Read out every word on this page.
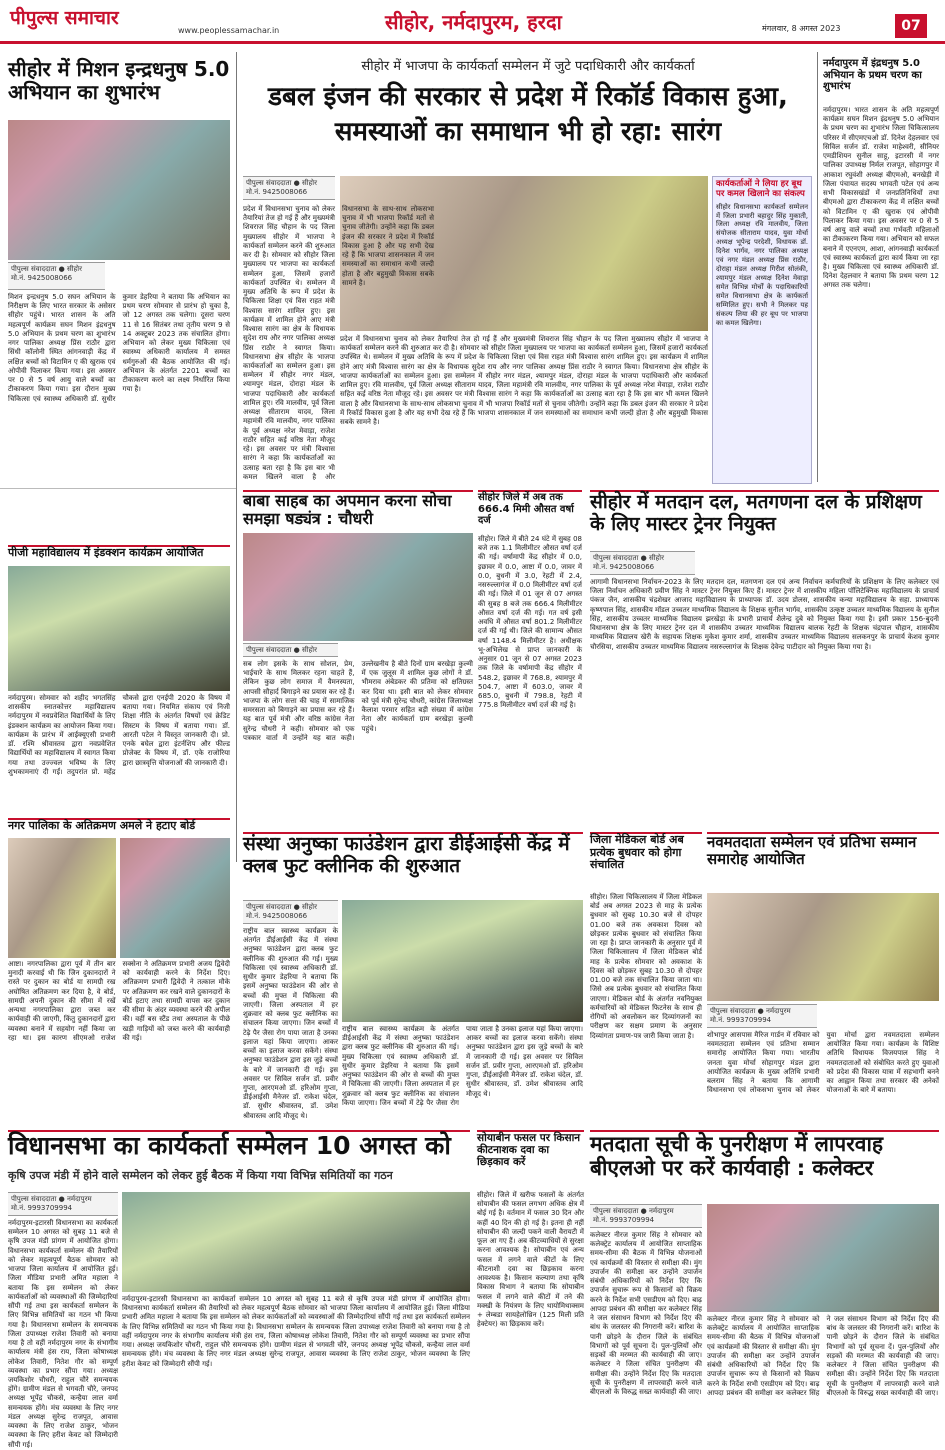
पीपुल्स समाचार
www.peoplessamachar.in	सीहोर, नर्मदापुरम, हरदा	मंगलवार, 8 अगस्त 2023	07
सीहोर में मिशन इन्द्रधनुष 5.0 अभियान का शुभारंभ
पीपुल्स संवाददाता ● सीहोर
मो.नं. 9425008066
मिशन इन्द्रधनुष 5.0 सघन अभियान के निरीक्षण के लिए भारत सरकार के असेसर सीहोर पहुंचे। भारत शासन के अति महत्वपूर्ण कार्यक्रम सघन मिशन इंद्रधनुष 5.0 अभियान के प्रथम चरण का शुभारंभ नगर पालिका अध्यक्ष प्रिंस राठौर द्वारा सिंधी कॉलोनी स्थित आंगनवाड़ी केंद्र में लक्षित बच्चों को विटामिन ए की खुराक एवं ओपीवी पिलाकर किया गया। इस अवसर पर 0 से 5 वर्ष आयु वाले बच्चों का टीकाकरण किया गया। इस दौरान मुख्य चिकित्सा एवं स्वास्थ्य अधिकारी डॉ. सुधीर कुमार डेहरिया ने बताया कि अभियान का प्रथम चरण सोमवार से प्रारंभ हो चुका है, जो 12 अगस्त तक चलेगा। दूसरा चरण 11 से 16 सितंबर तथा तृतीय चरण 9 से 14 अक्टूबर 2023 तक संचालित होगा। अभियान को लेकर मुख्य चिकित्सा एवं स्वास्थ्य अधिकारी कार्यालय में समस्त धर्मगुरुओं की बैठक आयोजित की गई। अभियान के अंतर्गत 2201 बच्चों का टीकाकरण करने का लक्ष्य निर्धारित किया गया है।
पीजी महाविद्यालय में इंडक्शन कार्यक्रम आयोजित
नर्मदापुरम। सोमवार को शहीद भगतसिंह शासकीय स्नातकोत्तर महाविद्यालय नर्मदापुरम में नवप्रवेशित विद्यार्थियों के लिए इंडक्शन कार्यक्रम का आयोजन किया गया। कार्यक्रम के प्रारंभ में आईक्यूएसी प्रभारी डॉ. रश्मि श्रीवास्तव द्वारा नवप्रवेशित विद्यार्थियों का महाविद्यालय में स्वागत किया गया तथा उज्ज्वल भविष्य के लिए शुभकामनाएं दी गईं। तदुपरांत प्रो. महेंद्र चौकसे द्वारा एनईपी 2020 के विषय में बताया गया। नियमित संकाय एवं निजी शिक्षा नीति के अंतर्गत विषयों एवं क्रेडिट सिस्टम के विषय में बताया गया। डॉ. आरती पटेल ने विस्तृत जानकारी दी। प्रो. एनके बघेल द्वारा इंटर्नशिप और फील्ड प्रोजेक्ट के विषय में, डॉ. एके राजोरिया द्वारा छात्रवृत्ति योजनाओं की जानकारी दी।
नगर पालिका के अतिक्रमण अमले ने हटाए बोर्ड
आष्टा। नगरपालिका द्वारा पूर्व में तीन बार मुनादी करवाई थी कि जिन दुकानदारों ने रास्ते पर दुकान का बोर्ड या सामग्री रख अघोषित अतिक्रमण कर दिया है, वे बोर्ड, सामग्री अपनी दुकान की सीमा में रखें अन्यथा नगरपालिका द्वारा जब्त कर कार्यवाही की जाएगी, किंतु दुकानदारों द्वारा व्यवस्था बनाने में सहयोग नहीं किया जा रहा था। इस कारण सीएमओ राजेश सक्सेना ने अतिक्रमण प्रभारी अजय द्विवेदी को कार्यवाही करने के निर्देश दिए। अतिक्रमण प्रभारी द्विवेदी ने तत्काल मौके पर अतिक्रमण कर रखने वाले दुकानदारों के बोर्ड हटाए तथा सामग्री वापस कर दुकान की सीमा के अंदर व्यवस्था करने की अपील की। वहीं बस स्टैंड तथा अस्पताल के पीछे खड़ी गाड़ियों को जब्त करने की कार्यवाही की गई।
सीहोर में भाजपा के कार्यकर्ता सम्मेलन में जुटे पदाधिकारी और कार्यकर्ता
डबल इंजन की सरकार से प्रदेश में रिकॉर्ड विकास हुआ, समस्याओं का समाधान भी हो रहा: सारंग
पीपुल्स संवाददाता ● सीहोर
मो.नं. 9425008066
प्रदेश में विधानसभा चुनाव को लेकर तैयारियां तेज हो गई हैं और मुख्यमंत्री शिवराज सिंह चौहान के पद जिला मुख्यालय सीहोर में भाजपा ने कार्यकर्ता सम्मेलन करने की शुरुआत कर दी है। सोमवार को सीहोर जिला मुख्यालय पर भाजपा का कार्यकर्ता सम्मेलन हुआ, जिसमें हजारों कार्यकर्ता उपस्थित थे। सम्मेलन में मुख्य अतिथि के रूप में प्रदेश के चिकित्सा शिक्षा एवं विस राहत मंत्री विश्वास सारंग शामिल हुए। इस कार्यक्रम में शामिल होने आए मंत्री विश्वास सारंग का क्षेत्र के विधायक सुदेश राय और नगर पालिका अध्यक्ष प्रिंस राठौर ने स्वागत किया। विधानसभा क्षेत्र सीहोर के भाजपा कार्यकर्ताओं का सम्मेलन हुआ। इस सम्मेलन में सीहोर नगर मंडल, श्यामपुर मंडल, दोराहा मंडल के भाजपा पदाधिकारी और कार्यकर्ता शामिल हुए। रवि मालवीय, पूर्व जिला अध्यक्ष सीताराम यादव, जिला महामंत्री रवि मालवीय, नगर पालिका के पूर्व अध्यक्ष नरेश मेवाड़ा, राजेश राठौर सहित कई वरिष्ठ नेता मौजूद रहे। इस अवसर पर मंत्री विश्वास सारंग ने कहा कि कार्यकर्ताओं का उत्साह बता रहा है कि इस बार भी कमल खिलने वाला है और
प्रदेश में विधानसभा चुनाव को लेकर तैयारियां तेज हो गई हैं और मुख्यमंत्री शिवराज सिंह चौहान के पद जिला मुख्यालय सीहोर में भाजपा ने कार्यकर्ता सम्मेलन करने की शुरुआत कर दी है। सोमवार को सीहोर जिला मुख्यालय पर भाजपा का कार्यकर्ता सम्मेलन हुआ, जिसमें हजारों कार्यकर्ता उपस्थित थे। सम्मेलन में मुख्य अतिथि के रूप में प्रदेश के चिकित्सा शिक्षा एवं विस राहत मंत्री विश्वास सारंग शामिल हुए। इस कार्यक्रम में शामिल होने आए मंत्री विश्वास सारंग का क्षेत्र के विधायक सुदेश राय और नगर पालिका अध्यक्ष प्रिंस राठौर ने स्वागत किया। विधानसभा क्षेत्र सीहोर के भाजपा कार्यकर्ताओं का सम्मेलन हुआ। इस सम्मेलन में सीहोर नगर मंडल, श्यामपुर मंडल, दोराहा मंडल के भाजपा पदाधिकारी और कार्यकर्ता शामिल हुए। रवि मालवीय, पूर्व जिला अध्यक्ष सीताराम यादव, जिला महामंत्री रवि मालवीय, नगर पालिका के पूर्व अध्यक्ष नरेश मेवाड़ा, राजेश राठौर सहित कई वरिष्ठ नेता मौजूद रहे। इस अवसर पर मंत्री विश्वास सारंग ने कहा कि कार्यकर्ताओं का उत्साह बता रहा है कि इस बार भी कमल खिलने वाला है और विधानसभा के साथ-साथ लोकसभा चुनाव में भी भाजपा रिकॉर्ड मतों से चुनाव जीतेगी। उन्होंने कहा कि डबल इंजन की सरकार ने प्रदेश में रिकॉर्ड विकास हुआ है और यह सभी देख रहे हैं कि भाजपा शासनकाल में जन समस्याओं का समाधान कभी जल्दी होता है और बहुमुखी विकास सबके सामने है।
कार्यकर्ताओं ने लिया हर बूथ पर कमल खिलाने का संकल्प
सीहोर विधानसभा कार्यकर्ता सम्मेलन में जिला प्रभारी बहादुर सिंह मुकाती, जिला अध्यक्ष रवि मालवीय, जिला संयोजक सीताराम यादव, युवा मोर्चा अध्यक्ष भूपेन्द्र परदेशी, विधायक डॉ. दिनेश भार्गव, नगर पालिका अध्यक्ष एवं नगर मंडल अध्यक्ष प्रिंस राठौर, दोराहा मंडल अध्यक्ष गिरीश सोलंकी, श्यामपुर मंडल अध्यक्ष दिनेश मेवाड़ा समेत विभिन्न मोर्चों के पदाधिकारियों समेत विधानसभा क्षेत्र के कार्यकर्ता सम्मिलित हुए। सभी ने मिलकर यह संकल्प लिया की हर बूथ पर भाजपा का कमल खिलेगा।
नर्मदापुरम में इंद्रधनुष 5.0 अभियान के प्रथम चरण का शुभारंभ
नर्मदापुरम। भारत शासन के अति महत्वपूर्ण कार्यक्रम सघन मिशन इंद्रधनुष 5.0 अभियान के प्रथम चरण का शुभारंभ जिला चिकित्सालय परिसर में सीएमएचओ डॉ. दिनेश देहलवार एवं सिविल सर्जन डॉ. राजेश माहेश्वरी, सीनियर एमडीशियन सुनील साहू, इटारसी में नगर पालिका उपाध्यक्ष निर्मल राजपूत, सोहागपुर में आकाश रघुवंशी अध्यक्ष बीएमओ, बनखेड़ी में जिला पंचायत सदस्य भगवती पटेल एवं अन्य सभी विकासखंडों में जनप्रतिनिधियों तथा बीएमओ द्वारा टीकाकरण केंद्र में लक्षित बच्चों को विटामिन ए की खुराक एवं ओपीवी पिलाकर किया गया। इस अवसर पर 0 से 5 वर्ष आयु वाले बच्चों तथा गर्भवती महिलाओं का टीकाकरण किया गया। अभियान को सफल बनाने में एएनएम, आशा, आंगनवाड़ी कार्यकर्ता एवं स्वास्थ्य कार्यकर्ता द्वारा कार्य किया जा रहा है। मुख्य चिकित्सा एवं स्वास्थ्य अधिकारी डॉ. दिनेश देहलवार ने बताया कि प्रथम चरण 12 अगस्त तक चलेगा।
बाबा साहब का अपमान करना सोचा समझा षड्यंत्र : चौधरी
पीपुल्स संवाददाता ● सीहोर
सब लोग इसके के साथ सोशल, प्रेम, भाईचारे के साथ मिलकर रहना चाहते हैं, लेकिन कुछ लोग समाज में वैमनस्यता, आपसी सौहार्द बिगाड़ने का प्रयास कर रहे हैं। भाजपा के लोग सत्ता की चाह में सामाजिक समरसता को बिगाड़ने का प्रयास कर रहे हैं। यह बात पूर्व मंत्री और वरिष्ठ कांग्रेस नेता सुरेन्द्र चौधरी ने कही। सोमवार को एक पत्रकार वार्ता में उन्होंने यह बात कही। उल्लेखनीय है बीते दिनों ग्राम बरखेड़ा कुल्मी में एक जुलूस में शामिल कुछ लोगों ने डॉ. भीमराव अंबेडकर की प्रतिमा को क्षतिग्रस्त कर दिया था। इसी बात को लेकर सोमवार को पूर्व मंत्री सुरेन्द्र चौधरी, कांग्रेस जिलाध्यक्ष कैलाश परमार सहित बड़ी संख्या में कांग्रेस नेता और कार्यकर्ता ग्राम बरखेड़ा कुल्मी पहुंचे।
सीहोर जिले में अब तक 666.4 मिमी औसत वर्षा दर्ज
सीहोर। जिले में बीते 24 घंटे में सुबह 08 बजे तक 1.1 मिलीमीटर औसत वर्षा दर्ज की गई। वर्षामापी केंद्र सीहोर में 0.0, इछावर में 0.0, आष्टा में 0.0, जावर में 0.0, बुधनी में 3.0, रेहटी में 2.4, नसरुल्लागंज में 0.0 मिलीमीटर वर्षा दर्ज की गई। जिले में 01 जून से 07 अगस्त की सुबह 8 बजे तक 666.4 मिलीमीटर औसत वर्षा दर्ज की गई। गत वर्ष इसी अवधि में औसत वर्षा 801.2 मिलीमीटर दर्ज की गई थी। जिले की सामान्य औसत वर्षा 1148.4 मिलीमीटर है। अधीक्षक भू-अभिलेख से प्राप्त जानकारी के अनुसार 01 जून से 07 अगस्त 2023 तक जिले के वर्षामापी केंद्र सीहोर में 548.2, इछावर में 768.8, श्यामपुर में 504.7, आष्टा में 603.0, जावर में 685.0, बुधनी में 798.8, रेहटी में 775.8 मिलीमीटर वर्षा दर्ज की गई है।
सीहोर में मतदान दल, मतगणना दल के प्रशिक्षण के लिए मास्टर ट्रेनर नियुक्त
पीपुल्स संवाददाता ● सीहोर
मो.नं. 9425008066
आगामी विधानसभा निर्वाचन-2023 के लिए मतदान दल, मतगणना दल एवं अन्य निर्वाचन कर्मचारियों के प्रशिक्षण के लिए कलेक्टर एवं जिला निर्वाचन अधिकारी प्रवीण सिंह ने मास्टर ट्रेनर नियुक्त किए हैं। मास्टर ट्रेनर में शासकीय महिला पॉलिटेक्निक महाविद्यालय के प्राचार्य पंकज जैन, शासकीय चंद्रशेखर आजाद महाविद्यालय के प्राध्यापक डॉ. उदय डोलस, शासकीय कन्या महाविद्यालय के सहा. प्राध्यापक कृष्णपाल सिंह, शासकीय मॉडल उच्चतर माध्यमिक विद्यालय के शिक्षक सुनील भार्गव, शासकीय उत्कृष्ट उच्चतर माध्यमिक विद्यालय के सुनील सिंह, शासकीय उच्चतर माध्यमिक विद्यालय झरखेड़ा के प्रभारी प्राचार्य शैलेन्द्र दुबे को नियुक्त किया गया है। इसी प्रकार 156-बुदनी विधानसभा क्षेत्र के लिए मास्टर ट्रेनर दल में शासकीय उच्चतर माध्यमिक विद्यालय बालक रेहटी के शिक्षक चंद्रपाल चौहान, शासकीय माध्यमिक विद्यालय खेरी के सहायक शिक्षक मुकेश कुमार शर्मा, शासकीय उच्चतर माध्यमिक विद्यालय सलकनपुर के प्राचार्य केशव कुमार चौरसिया, शासकीय उच्चतर माध्यमिक विद्यालय नसरुल्लागंज के शिक्षक देवेन्द्र पाटीदार को नियुक्त किया गया है।
संस्था अनुष्का फाउंडेशन द्वारा डीईआईसी केंद्र में क्लब फुट क्लीनिक की शुरुआत
पीपुल्स संवाददाता ● सीहोर
मो.नं. 9425008066
राष्ट्रीय बाल स्वास्थ्य कार्यक्रम के अंतर्गत डीईआईसी केंद्र में संस्था अनुष्का फाउंडेशन द्वारा क्लब फुट क्लीनिक की शुरुआत की गई। मुख्य चिकित्सा एवं स्वास्थ्य अधिकारी डॉ. सुधीर कुमार डेहरिया ने बताया कि इसमें अनुष्का फाउंडेशन की ओर से बच्चों की मुफ्त में चिकित्सा की जाएगी। जिला अस्पताल में हर शुक्रवार को क्लब फुट क्लीनिक का संचालन किया जाएगा। जिन बच्चों में टेढ़े पैर जैसा रोग पाया जाता है उनका इलाज यहां किया जाएगा। आकर बच्चों का इलाज करवा सकेंगे। संस्था अनुष्का फाउंडेशन द्वारा इस जुड़े बच्चों के बारे में जानकारी दी गई। इस अवसर पर सिविल सर्जन डॉ. प्रवीर गुप्ता, आरएमओ डॉ. हरिओम गुप्ता, डीईआईसी मैनेजर डॉ. राकेश चंदेल, डॉ. सुधीर श्रीवास्तव, डॉ. उमेश श्रीवास्तव आदि मौजूद थे।
राष्ट्रीय बाल स्वास्थ्य कार्यक्रम के अंतर्गत डीईआईसी केंद्र में संस्था अनुष्का फाउंडेशन द्वारा क्लब फुट क्लीनिक की शुरुआत की गई। मुख्य चिकित्सा एवं स्वास्थ्य अधिकारी डॉ. सुधीर कुमार डेहरिया ने बताया कि इसमें अनुष्का फाउंडेशन की ओर से बच्चों की मुफ्त में चिकित्सा की जाएगी। जिला अस्पताल में हर शुक्रवार को क्लब फुट क्लीनिक का संचालन किया जाएगा। जिन बच्चों में टेढ़े पैर जैसा रोग पाया जाता है उनका इलाज यहां किया जाएगा। आकर बच्चों का इलाज करवा सकेंगे। संस्था अनुष्का फाउंडेशन द्वारा इस जुड़े बच्चों के बारे में जानकारी दी गई। इस अवसर पर सिविल सर्जन डॉ. प्रवीर गुप्ता, आरएमओ डॉ. हरिओम गुप्ता, डीईआईसी मैनेजर डॉ. राकेश चंदेल, डॉ. सुधीर श्रीवास्तव, डॉ. उमेश श्रीवास्तव आदि मौजूद थे।
जिला मेडिकल बोर्ड अब प्रत्येक बुधवार को होगा संचालित
सीहोर। जिला चिकित्सालय में जिला मेडिकल बोर्ड अब अगस्त 2023 से माह के प्रत्येक बुधवार को सुबह 10.30 बजे से दोपहर 01.00 बजे तक अवकाश दिवस को छोड़कर प्रत्येक बुधवार को संचालित किया जा रहा है। प्राप्त जानकारी के अनुसार पूर्व में जिला चिकित्सालय में जिला मेडिकल बोर्ड माह के प्रत्येक सोमवार को अवकाश के दिवस को छोड़कर सुबह 10.30 से दोपहर 01.00 बजे तक संचालित किया जाता था। जिसे अब प्रत्येक बुधवार को संचालित किया जाएगा। मेडिकल बोर्ड के अंतर्गत नवनियुक्त कर्मचारियों को मेडिकल फिटनेस के साथ ही रोगियों को अवलोकन कर दिव्यांगजनों का परीक्षण कर सक्षम प्रमाण के अनुसार दिव्यांगता प्रमाण-पत्र जारी किया जाता है।
नवमतदाता सम्मेलन एवं प्रतिभा सम्मान समारोह आयोजित
पीपुल्स संवाददाता ● नर्मदापुरम
मो.नं. 9993709994
शोभापुर आसपास मैरिज गार्डन में रविवार को नवमतदाता सम्मेलन एवं प्रतिभा सम्मान समारोह आयोजित किया गया। भारतीय जनता युवा मोर्चा सोहागपुर मंडल द्वारा आयोजित कार्यक्रम के मुख्य अतिथि प्रभारी बलराम सिंह ने बताया कि आगामी विधानसभा एवं लोकसभा चुनाव को लेकर युवा मोर्चा द्वारा नवमतदाता सम्मेलन आयोजित किया गया। कार्यक्रम के विशिष्ट अतिथि विधायक विजयपाल सिंह ने नवमतदाताओं को संबोधित करते हुए युवाओं को प्रदेश की विकास यात्रा में सहभागी बनने का आह्वान किया तथा सरकार की अनेकों योजनाओं के बारे में बताया।
विधानसभा का कार्यकर्ता सम्मेलन 10 अगस्त को
कृषि उपज मंडी में होने वाले सम्मेलन को लेकर हुई बैठक में किया गया विभिन्न समितियों का गठन
पीपुल्स संवाददाता ● नर्मदापुरम
मो.नं. 9993709994
नर्मदापुरम-इटारसी विधानसभा का कार्यकर्ता सम्मेलन 10 अगस्त को सुबह 11 बजे से कृषि उपज मंडी प्रांगण में आयोजित होगा। विधानसभा कार्यकर्ता सम्मेलन की तैयारियों को लेकर महत्वपूर्ण बैठक सोमवार को भाजपा जिला कार्यालय में आयोजित हुई। जिला मीडिया प्रभारी अमित महाला ने बताया कि इस सम्मेलन को लेकर कार्यकर्ताओं को व्यवस्थाओं की जिम्मेदारियां सौंपी गई तथा इस कार्यकर्ता सम्मेलन के लिए विभिन्न समितियों का गठन भी किया गया है। विधानसभा सम्मेलन के समन्वयक जिला उपाध्यक्ष राजेश तिवारी को बनाया गया है तो वहीं नर्मदापुरम नगर के संभागीय कार्यालय मंत्री हंस राय, जिला कोषाध्यक्ष लोकेश तिवारी, नितेश गौर को सम्पूर्ण व्यवस्था का प्रभार सौंपा गया। अध्यक्ष जयकिशोर चौधरी, राहुल चौरे समन्वयक होंगे। ग्रामीण मंडल से भगवती चौरे, जनपद अध्यक्ष भूपेंद्र चौकसे, कन्हैया लाल वर्मा समन्वयक होंगे। मंच व्यवस्था के लिए नगर मंडल अध्यक्ष सुरेन्द्र राजपूत, आवास व्यवस्था के लिए राजेश ठाकुर, भोजन व्यवस्था के लिए हरीश केवट को जिम्मेदारी सौंपी गई।
नर्मदापुरम-इटारसी विधानसभा का कार्यकर्ता सम्मेलन 10 अगस्त को सुबह 11 बजे से कृषि उपज मंडी प्रांगण में आयोजित होगा। विधानसभा कार्यकर्ता सम्मेलन की तैयारियों को लेकर महत्वपूर्ण बैठक सोमवार को भाजपा जिला कार्यालय में आयोजित हुई। जिला मीडिया प्रभारी अमित महाला ने बताया कि इस सम्मेलन को लेकर कार्यकर्ताओं को व्यवस्थाओं की जिम्मेदारियां सौंपी गई तथा इस कार्यकर्ता सम्मेलन के लिए विभिन्न समितियों का गठन भी किया गया है। विधानसभा सम्मेलन के समन्वयक जिला उपाध्यक्ष राजेश तिवारी को बनाया गया है तो वहीं नर्मदापुरम नगर के संभागीय कार्यालय मंत्री हंस राय, जिला कोषाध्यक्ष लोकेश तिवारी, नितेश गौर को सम्पूर्ण व्यवस्था का प्रभार सौंपा गया। अध्यक्ष जयकिशोर चौधरी, राहुल चौरे समन्वयक होंगे। ग्रामीण मंडल से भगवती चौरे, जनपद अध्यक्ष भूपेंद्र चौकसे, कन्हैया लाल वर्मा समन्वयक होंगे। मंच व्यवस्था के लिए नगर मंडल अध्यक्ष सुरेन्द्र राजपूत, आवास व्यवस्था के लिए राजेश ठाकुर, भोजन व्यवस्था के लिए हरीश केवट को जिम्मेदारी सौंपी गई।
सोयाबीन फसल पर किसान कीटनाशक दवा का छिड़काव करें
सीहोर। जिले में खरीफ फसलों के अंतर्गत सोयाबीन की फसल लगभग अधिक क्षेत्र में बोई गई है। वर्तमान में फसल 30 दिन और कहीं 40 दिन की हो गई है। इतना ही नहीं सोयाबीन की जल्दी पकने वाली वैरायटी में फूल आ गए हैं। अब कीटव्याधियों से सुरक्षा करना आवश्यक है। सोयाबीन एवं अन्य फसल में लगने वाले कीटों के लिए कीटनाशी दवा का छिड़काव करना आवश्यक है। किसान कल्याण तथा कृषि विकास विभाग ने बताया कि सोयाबीन फसल में लगने वाले कीटों में तने की मक्खी के नियंत्रण के लिए थायोमिथाक्सम + लेम्बडा सायहेलोथ्रिन (125 मिली प्रति हेक्टेयर) का छिड़काव करें।
मतदाता सूची के पुनरीक्षण में लापरवाह बीएलओ पर करें कार्यवाही : कलेक्टर
पीपुल्स संवाददाता ● नर्मदापुरम
मो.नं. 9993709994
कलेक्टर नीरज कुमार सिंह ने सोमवार को कलेक्ट्रेट कार्यालय में आयोजित साप्ताहिक समय-सीमा की बैठक में विभिन्न योजनाओं एवं कार्यक्रमों की विस्तार से समीक्षा की। मुंग उपार्जन की समीक्षा कर उन्होंने उपार्जन संबंधी अधिकारियों को निर्देश दिए कि उपार्जन सुचारू रूप से किसानों को विक्रय करने के निर्देश सभी एसडीएम को दिए। बाढ़ आपदा प्रबंधन की समीक्षा कर कलेक्टर सिंह ने जल संसाधन विभाग को निर्देश दिए की बांध के जलस्तर की निगरानी करें। बारिश के पानी छोड़ने के दौरान जिले के संबंधित विभागों को पूर्व सूचना दें। पुल-पुलियों और सड़कों की मरम्मत की कार्यवाही की जाए। कलेक्टर ने जिला संचित पुनरीक्षण की समीक्षा की। उन्होंने निर्देश दिए कि मतदाता सूची के पुनरीक्षण में लापरवाही करने वाले बीएलओ के विरुद्ध सख्त कार्यवाही की जाए।
कलेक्टर नीरज कुमार सिंह ने सोमवार को कलेक्ट्रेट कार्यालय में आयोजित साप्ताहिक समय-सीमा की बैठक में विभिन्न योजनाओं एवं कार्यक्रमों की विस्तार से समीक्षा की। मुंग उपार्जन की समीक्षा कर उन्होंने उपार्जन संबंधी अधिकारियों को निर्देश दिए कि उपार्जन सुचारू रूप से किसानों को विक्रय करने के निर्देश सभी एसडीएम को दिए। बाढ़ आपदा प्रबंधन की समीक्षा कर कलेक्टर सिंह ने जल संसाधन विभाग को निर्देश दिए की बांध के जलस्तर की निगरानी करें। बारिश के पानी छोड़ने के दौरान जिले के संबंधित विभागों को पूर्व सूचना दें। पुल-पुलियों और सड़कों की मरम्मत की कार्यवाही की जाए। कलेक्टर ने जिला संचित पुनरीक्षण की समीक्षा की। उन्होंने निर्देश दिए कि मतदाता सूची के पुनरीक्षण में लापरवाही करने वाले बीएलओ के विरुद्ध सख्त कार्यवाही की जाए।
